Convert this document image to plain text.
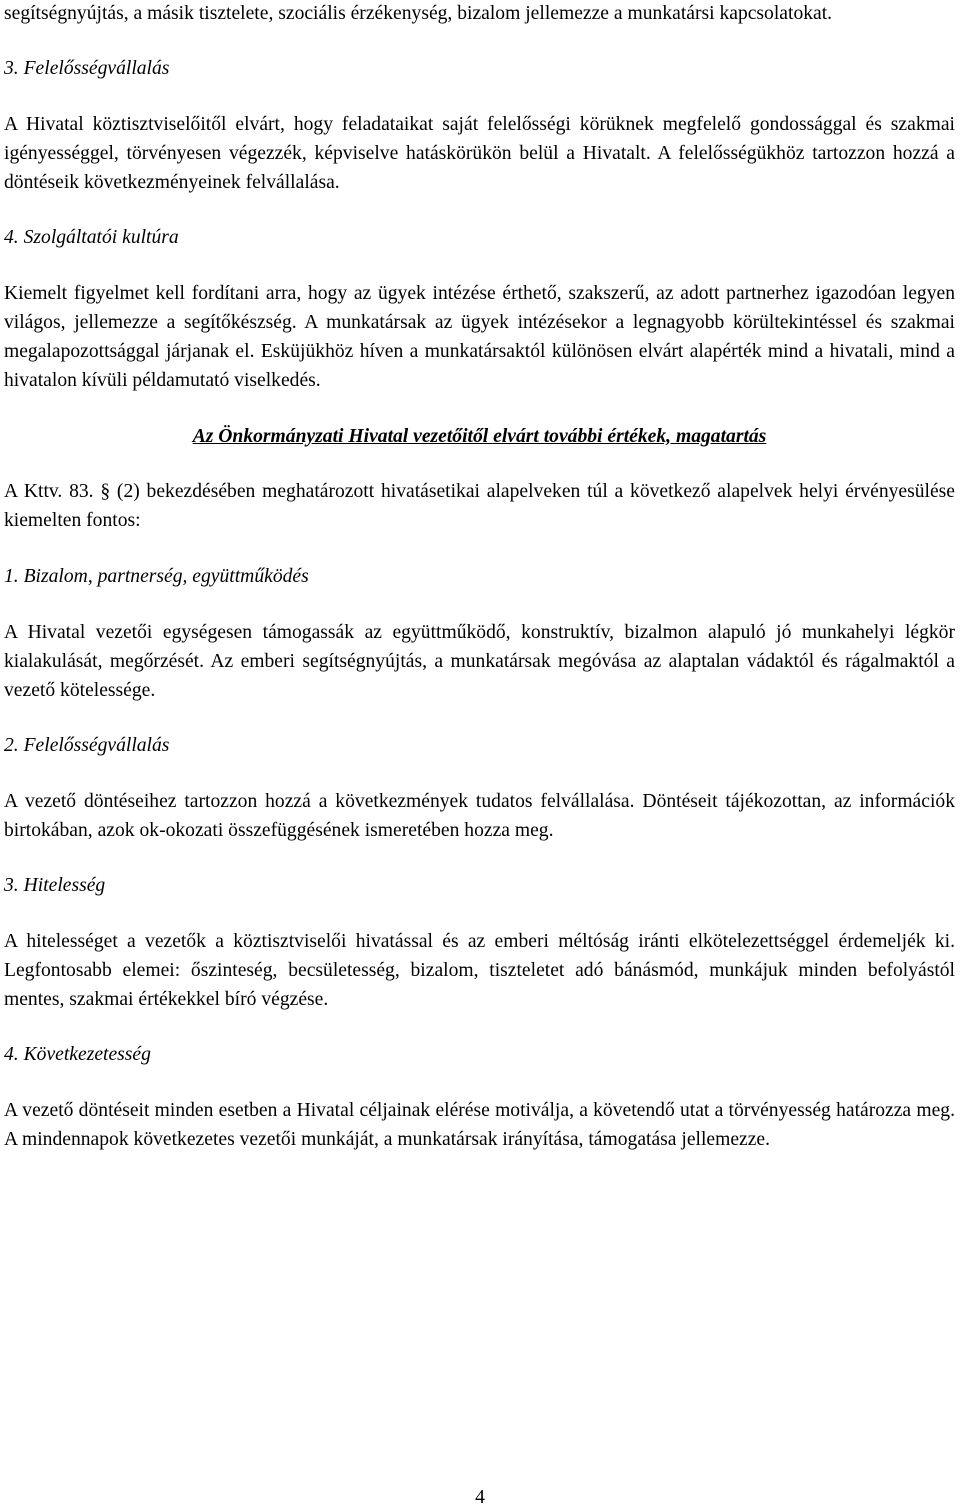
segítségnyújtás, a másik tisztelete, szociális érzékenység, bizalom jellemezze a munkatársi kapcsolatokat.

3. Felelősségvállalás

A Hivatal köztisztviselőitől elvárt, hogy feladataikat saját felelősségi körüknek megfelelő gondossággal és szakmai igényességgel, törvényesen végezzék, képviselve hatáskörükön belül a Hivatalt. A felelősségükhöz tartozzon hozzá a döntéseik következményeinek felvállalása.

4. Szolgáltatói kultúra

Kiemelt figyelmet kell fordítani arra, hogy az ügyek intézése érthető, szakszerű, az adott partnerhez igazodóan legyen világos, jellemezze a segítőkészség. A munkatársak az ügyek intézésekor a legnagyobb körültekintéssel és szakmai megalapozottsággal járjanak el. Esküjükhöz híven a munkatársaktól különösen elvárt alapérték mind a hivatali, mind a hivatalon kívüli példamutató viselkedés.

Az Önkormányzati Hivatal vezetőitől elvárt további értékek, magatartás

A Kttv. 83. § (2) bekezdésében meghatározott hivatásetikai alapelveken túl a következő alapelvek helyi érvényesülése kiemelten fontos:

1. Bizalom, partnerség, együttműködés

A Hivatal vezetői egységesen támogassák az együttműködő, konstruktív, bizalmon alapuló jó munkahelyi légkör kialakulását, megőrzését. Az emberi segítségnyújtás, a munkatársak megóvása az alaptalan vádaktól és rágalmaktól a vezető kötelessége.

2. Felelősségvállalás

A vezető döntéseihez tartozzon hozzá a következmények tudatos felvállalása. Döntéseit tájékozottan, az információk birtokában, azok ok-okozati összefüggésének ismeretében hozza meg.

3. Hitelesség

A hitelességet a vezetők a köztisztviselői hivatással és az emberi méltóság iránti elkötelezettséggel érdemeljék ki. Legfontosabb elemei: őszinteség, becsületesség, bizalom, tiszteletet adó bánásmód, munkájuk minden befolyástól mentes, szakmai értékekkel bíró végzése.

4. Következetesség

A vezető döntéseit minden esetben a Hivatal céljainak elérése motiválja, a követendő utat a törvényesség határozza meg. A mindennapok következetes vezetői munkáját, a munkatársak irányítása, támogatása jellemezze.

4
